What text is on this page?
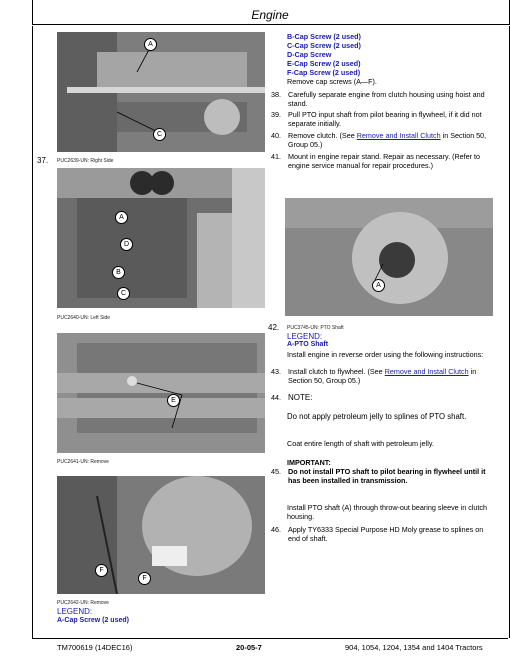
Engine
A
C
37. PUC2639-UN: Right Side
A
D
B
C
PUC2640-UN: Left Side
E
PUC2641-UN: Remove
F
F
PUC2642-UN: Remove
LEGEND:
A-Cap Screw (2 used)
B-Cap Screw (2 used)
C-Cap Screw (2 used)
D-Cap Screw
E-Cap Screw (2 used)
F-Cap Screw (2 used)
Remove cap screws (A—F).
38. Carefully separate engine from clutch housing using hoist and stand.
39. Pull PTO input shaft from pilot bearing in flywheel, if it did not separate initially.
40. Remove clutch. (See Remove and Install Clutch in Section 50, Group 05.)
41. Mount in engine repair stand. Repair as necessary. (Refer to engine service manual for repair procedures.)
A
42. PUC3745-UN: PTO Shaft
LEGEND:
A-PTO Shaft
Install engine in reverse order using the following instructions:
43. Install clutch to flywheel. (See Remove and Install Clutch in Section 50, Group 05.)
44. NOTE:
Do not apply petroleum jelly to splines of PTO shaft.
Coat entire length of shaft with petroleum jelly.
IMPORTANT:
45. Do not install PTO shaft to pilot bearing in flywheel until it has been installed in transmission.
Install PTO shaft (A) through throw-out bearing sleeve in clutch housing.
46. Apply TY6333 Special Purpose HD Moly grease to splines on end of shaft.
TM700619 (14DEC16)	20-05-7	904, 1054, 1204, 1354 and 1404 Tractors
